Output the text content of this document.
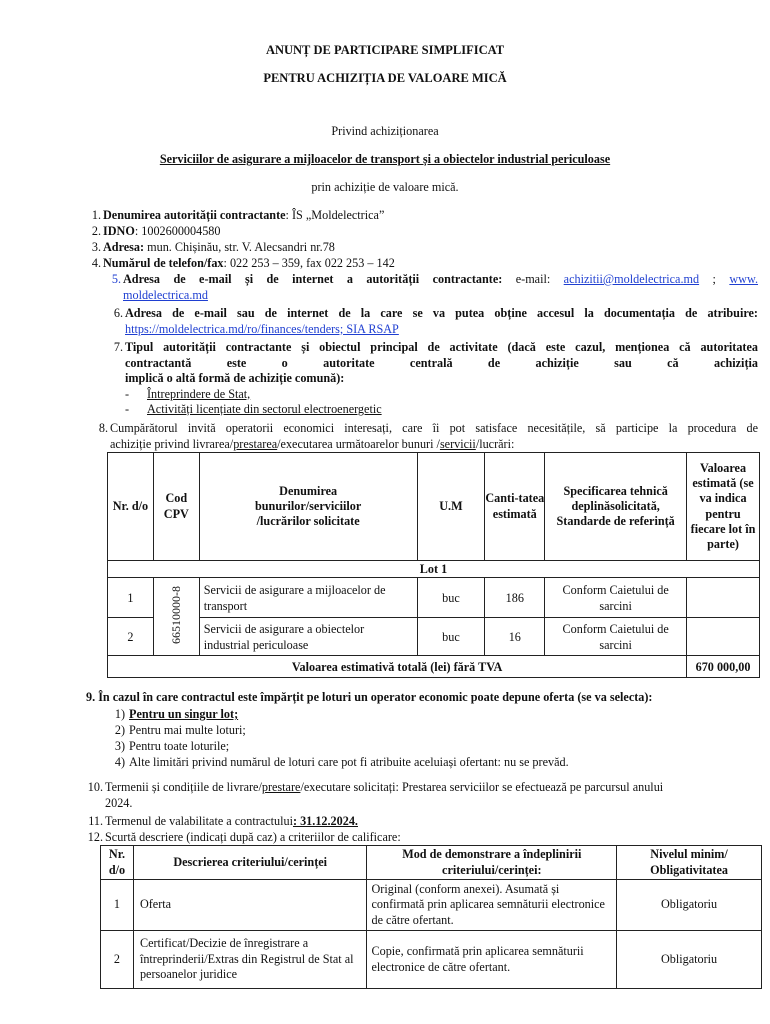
ANUNȚ DE PARTICIPARE SIMPLIFICAT
PENTRU ACHIZIȚIA DE VALOARE MICĂ
Privind achiziționarea
Serviciilor de asigurare a mijloacelor de transport și a obiectelor industrial periculoase
prin achiziție de valoare mică.
1. Denumirea autorității contractante: ÎS „Moldelectrica”
2. IDNO: 1002600004580
3. Adresa: mun. Chișinău, str. V. Alecsandri nr.78
4. Numărul de telefon/fax: 022 253 – 359, fax 022 253 – 142
5. Adresa de e-mail și de internet a autorității contractante: e-mail: achizitii@moldelectrica.md ; www.
moldelectrica.md
6. Adresa de e-mail sau de internet de la care se va putea obține accesul la documentația de atribuire:
https://moldelectrica.md/ro/finances/tenders; SIA RSAP
7. Tipul autorității contractante și obiectul principal de activitate (dacă este cazul, menționea că autoritatea
contractantă este o autoritate centrală de achiziție sau că achiziția
implică o altă formă de achiziție comună):
- Întreprindere de Stat,
- Activități licențiate din sectorul electroenergetic
8. Cumpărătorul invită operatorii economici interesați, care îi pot satisface necesitățile, să participe la procedura de
achiziție privind livrarea/prestarea/executarea următoarelor bunuri /servicii/lucrări:
Nr. d/o	Cod CPV	Denumirea bunurilor/serviciilor /lucrărilor solicitate	U.M	Canti-tatea estimată	Specificarea tehnică deplinăsolicitată, Standarde de referință	Valoarea estimată (se va indica pentru fiecare lot în parte)
Lot 1						
1	66510000-8	Servicii de asigurare a mijloacelor de transport	buc	186	Conform Caietului de sarcini	
2		Servicii de asigurare a obiectelor industrial periculoase	buc	16	Conform Caietului de sarcini	
Valoarea estimativă totală (lei) fără TVA						670 000,00
9. În cazul în care contractul este împărțit pe loturi un operator economic poate depune oferta (se va selecta):
1) Pentru un singur lot;
2) Pentru mai multe loturi;
3) Pentru toate loturile;
4) Alte limitări privind numărul de loturi care pot fi atribuite aceluiași ofertant: nu se prevăd.
10. Termenii și condițiile de livrare/prestare/executare solicitați: Prestarea serviciilor se efectuează pe parcursul anului
2024.
11. Termenul de valabilitate a contractului: 31.12.2024.
12. Scurtă descriere (indicați după caz) a criteriilor de calificare:
Nr. d/o	Descrierea criteriului/cerinței	Mod de demonstrare a îndeplinirii criteriului/cerinței:	Nivelul minim/ Obligativitatea
1	Oferta	Original (conform anexei). Asumată și confirmată prin aplicarea semnăturii electronice de către ofertant.	Obligatoriu
2	Certificat/Decizie de înregistrare a întreprinderii/Extras din Registrul de Stat al persoanelor juridice	Copie, confirmată prin aplicarea semnăturii electronice de către ofertant.	Obligatoriu
